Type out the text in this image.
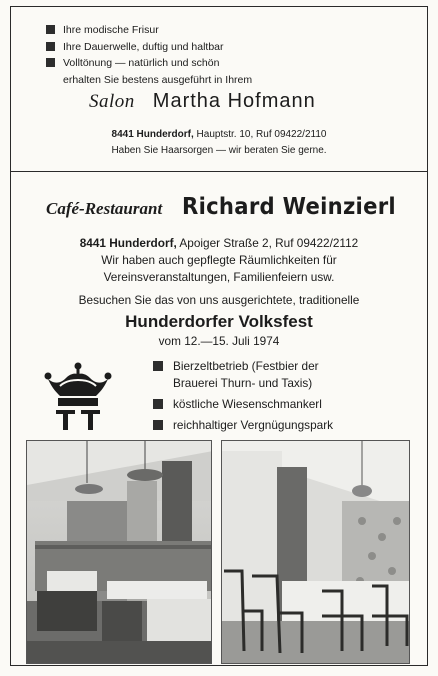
Ihre modische Frisur
Ihre Dauerwelle, duftig und haltbar
Volltönung — natürlich und schön
erhalten Sie bestens ausgeführt in Ihrem
Salon Martha Hofmann
8441 Hunderdorf, Hauptstr. 10, Ruf 09422/2110
Haben Sie Haarsorgen — wir beraten Sie gerne.
Café-Restaurant Richard Weinzierl
8441 Hunderdorf, Apoiger Straße 2, Ruf 09422/2112
Wir haben auch gepflegte Räumlichkeiten für
Vereinsveranstaltungen, Familienfeiern usw.
Besuchen Sie das von uns ausgerichtete, traditionelle
Hunderdorfer Volksfest
vom 12.—15. Juli 1974
Bierzeltbetrieb (Festbier der
Brauerei Thurn- und Taxis)
köstliche Wiesenschmankerl
reichhaltiger Vergnügungspark
